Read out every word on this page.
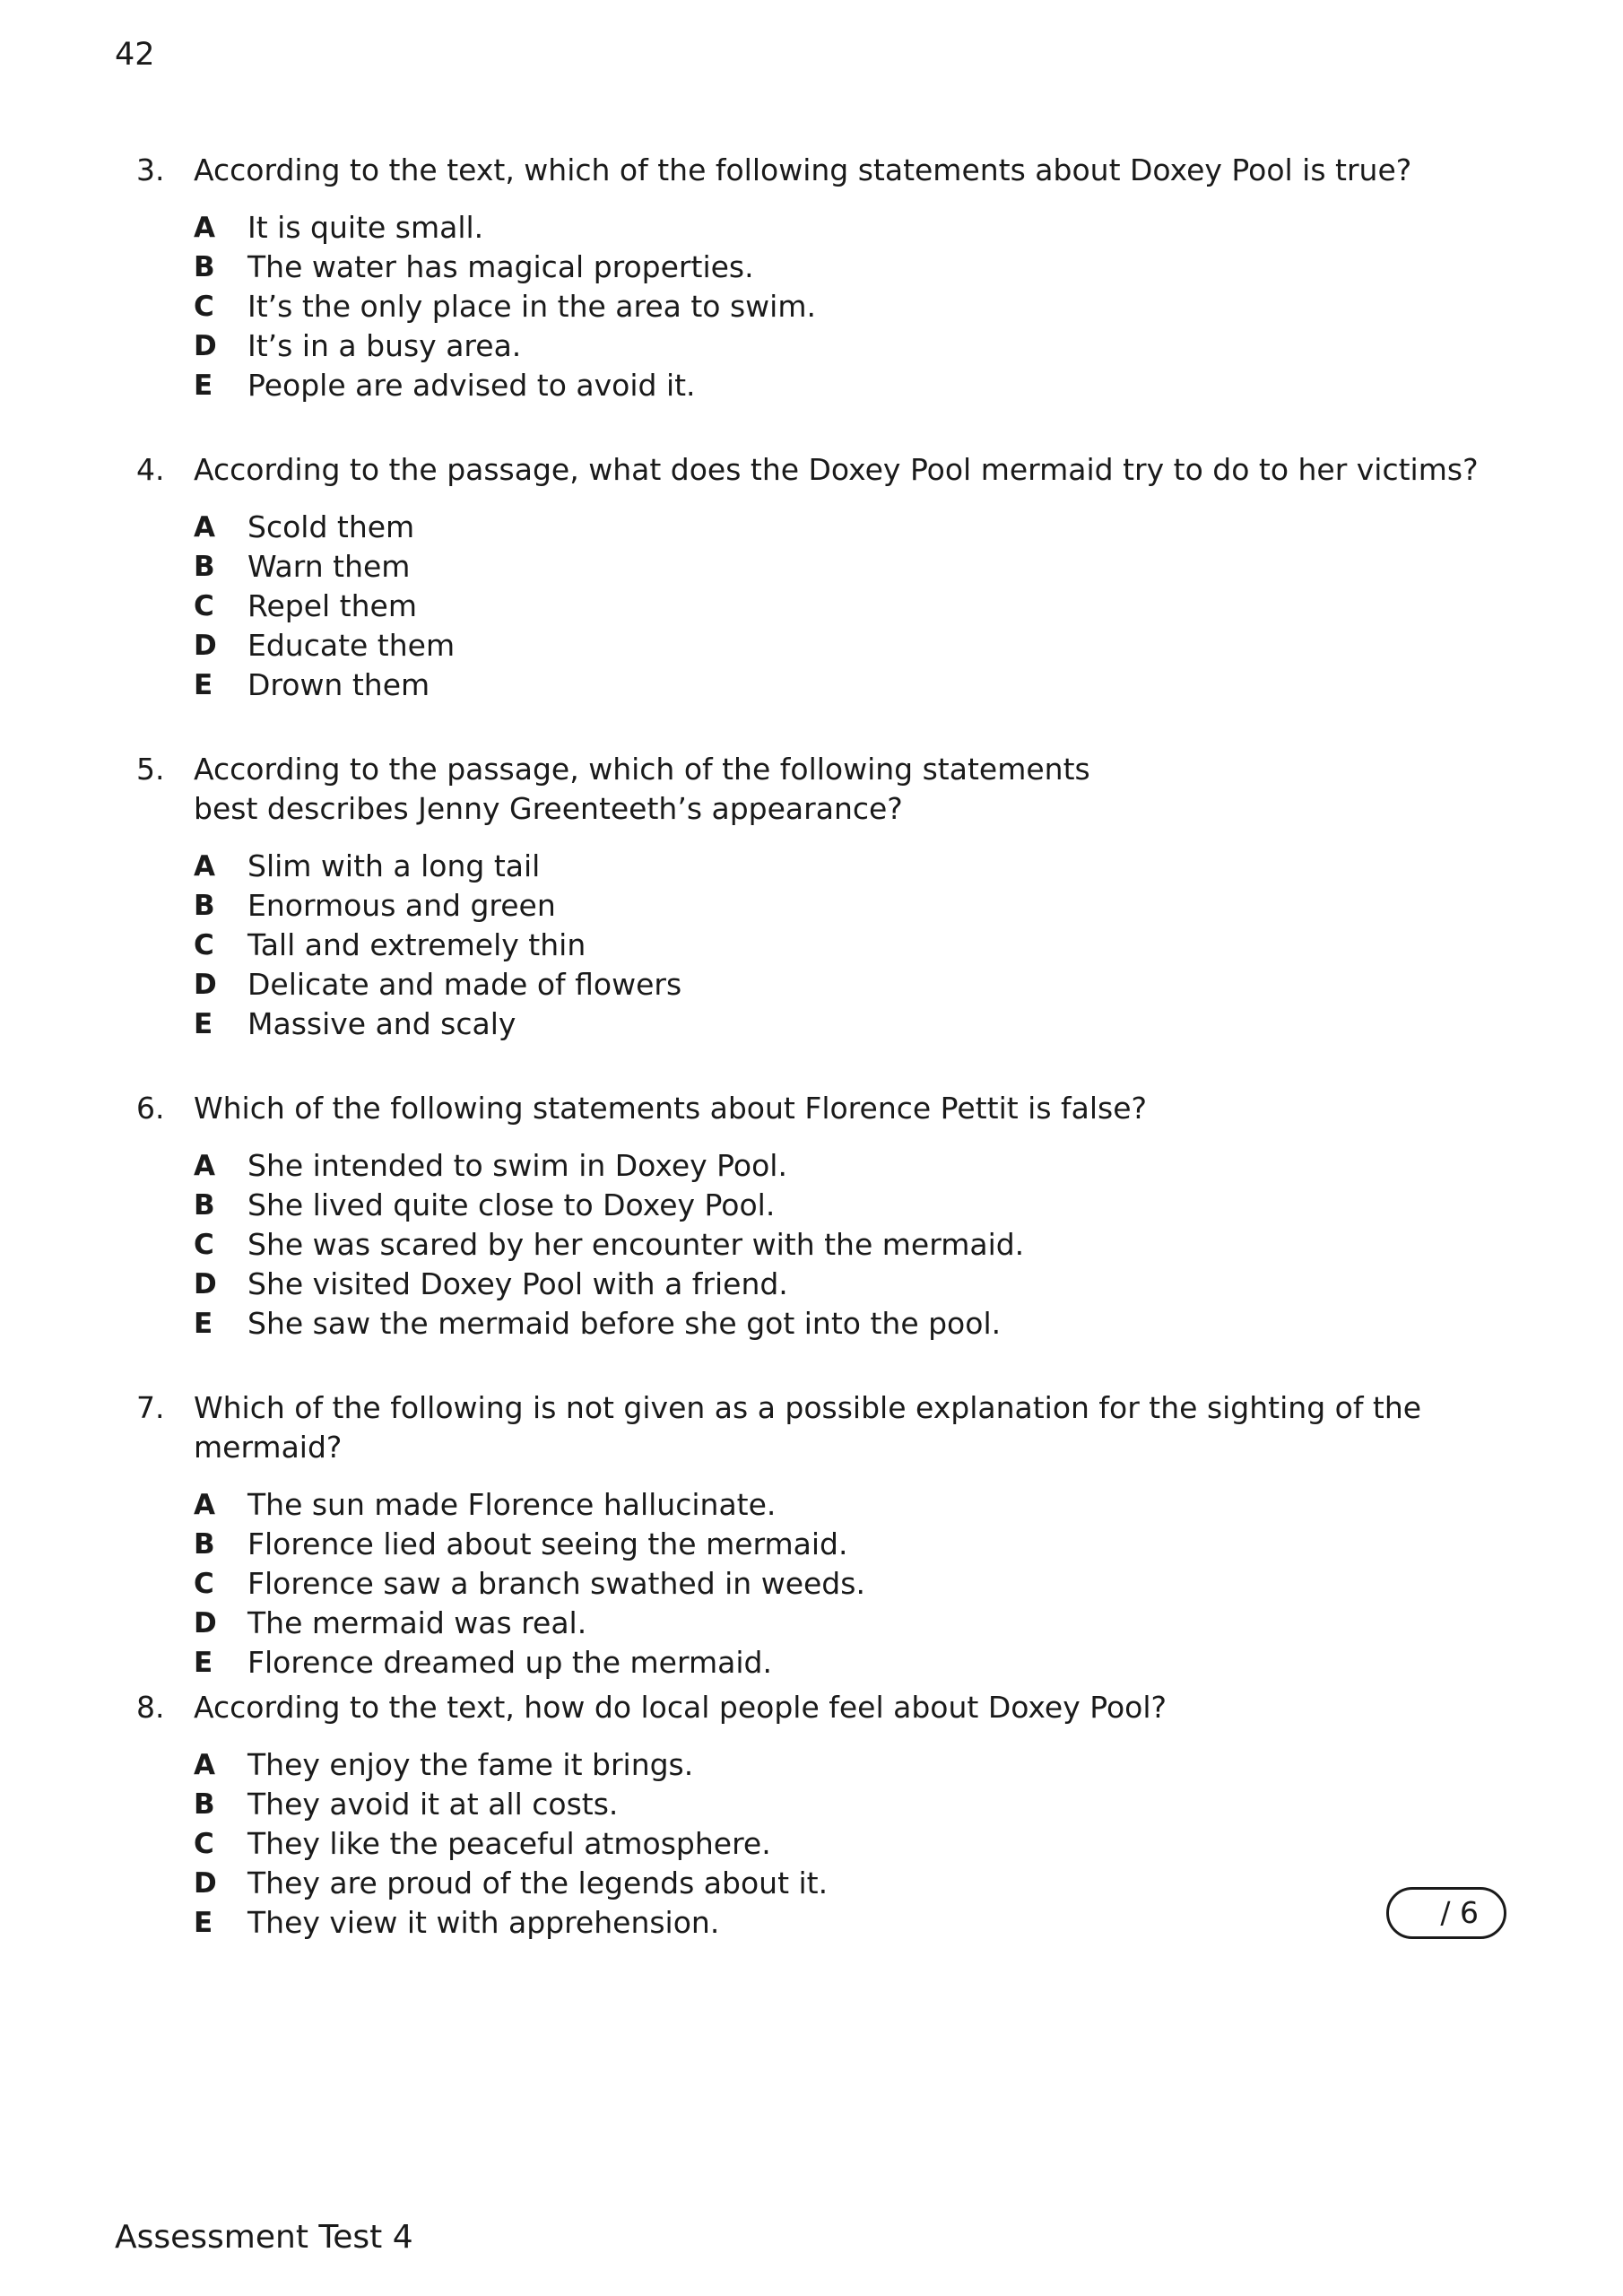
42
3. According to the text, which of the following statements about Doxey Pool is true?
A	It is quite small.
B	The water has magical properties.
C	It’s the only place in the area to swim.
D	It’s in a busy area.
E	People are advised to avoid it.
4. According to the passage, what does the Doxey Pool mermaid try to do to her victims?
A	Scold them
B	Warn them
C	Repel them
D	Educate them
E	Drown them
5. According to the passage, which of the following statements
best describes Jenny Greenteeth’s appearance?
A	Slim with a long tail
B	Enormous and green
C	Tall and extremely thin
D	Delicate and made of flowers
E	Massive and scaly
6. Which of the following statements about Florence Pettit is false?
A	She intended to swim in Doxey Pool.
B	She lived quite close to Doxey Pool.
C	She was scared by her encounter with the mermaid.
D	She visited Doxey Pool with a friend.
E	She saw the mermaid before she got into the pool.
7. Which of the following is not given as a possible explanation for the sighting of the mermaid?
A	The sun made Florence hallucinate.
B	Florence lied about seeing the mermaid.
C	Florence saw a branch swathed in weeds.
D	The mermaid was real.
E	Florence dreamed up the mermaid.
8. According to the text, how do local people feel about Doxey Pool?
A	They enjoy the fame it brings.
B	They avoid it at all costs.
C	They like the peaceful atmosphere.
D	They are proud of the legends about it.
E	They view it with apprehension.	/ 6
Assessment Test 4
